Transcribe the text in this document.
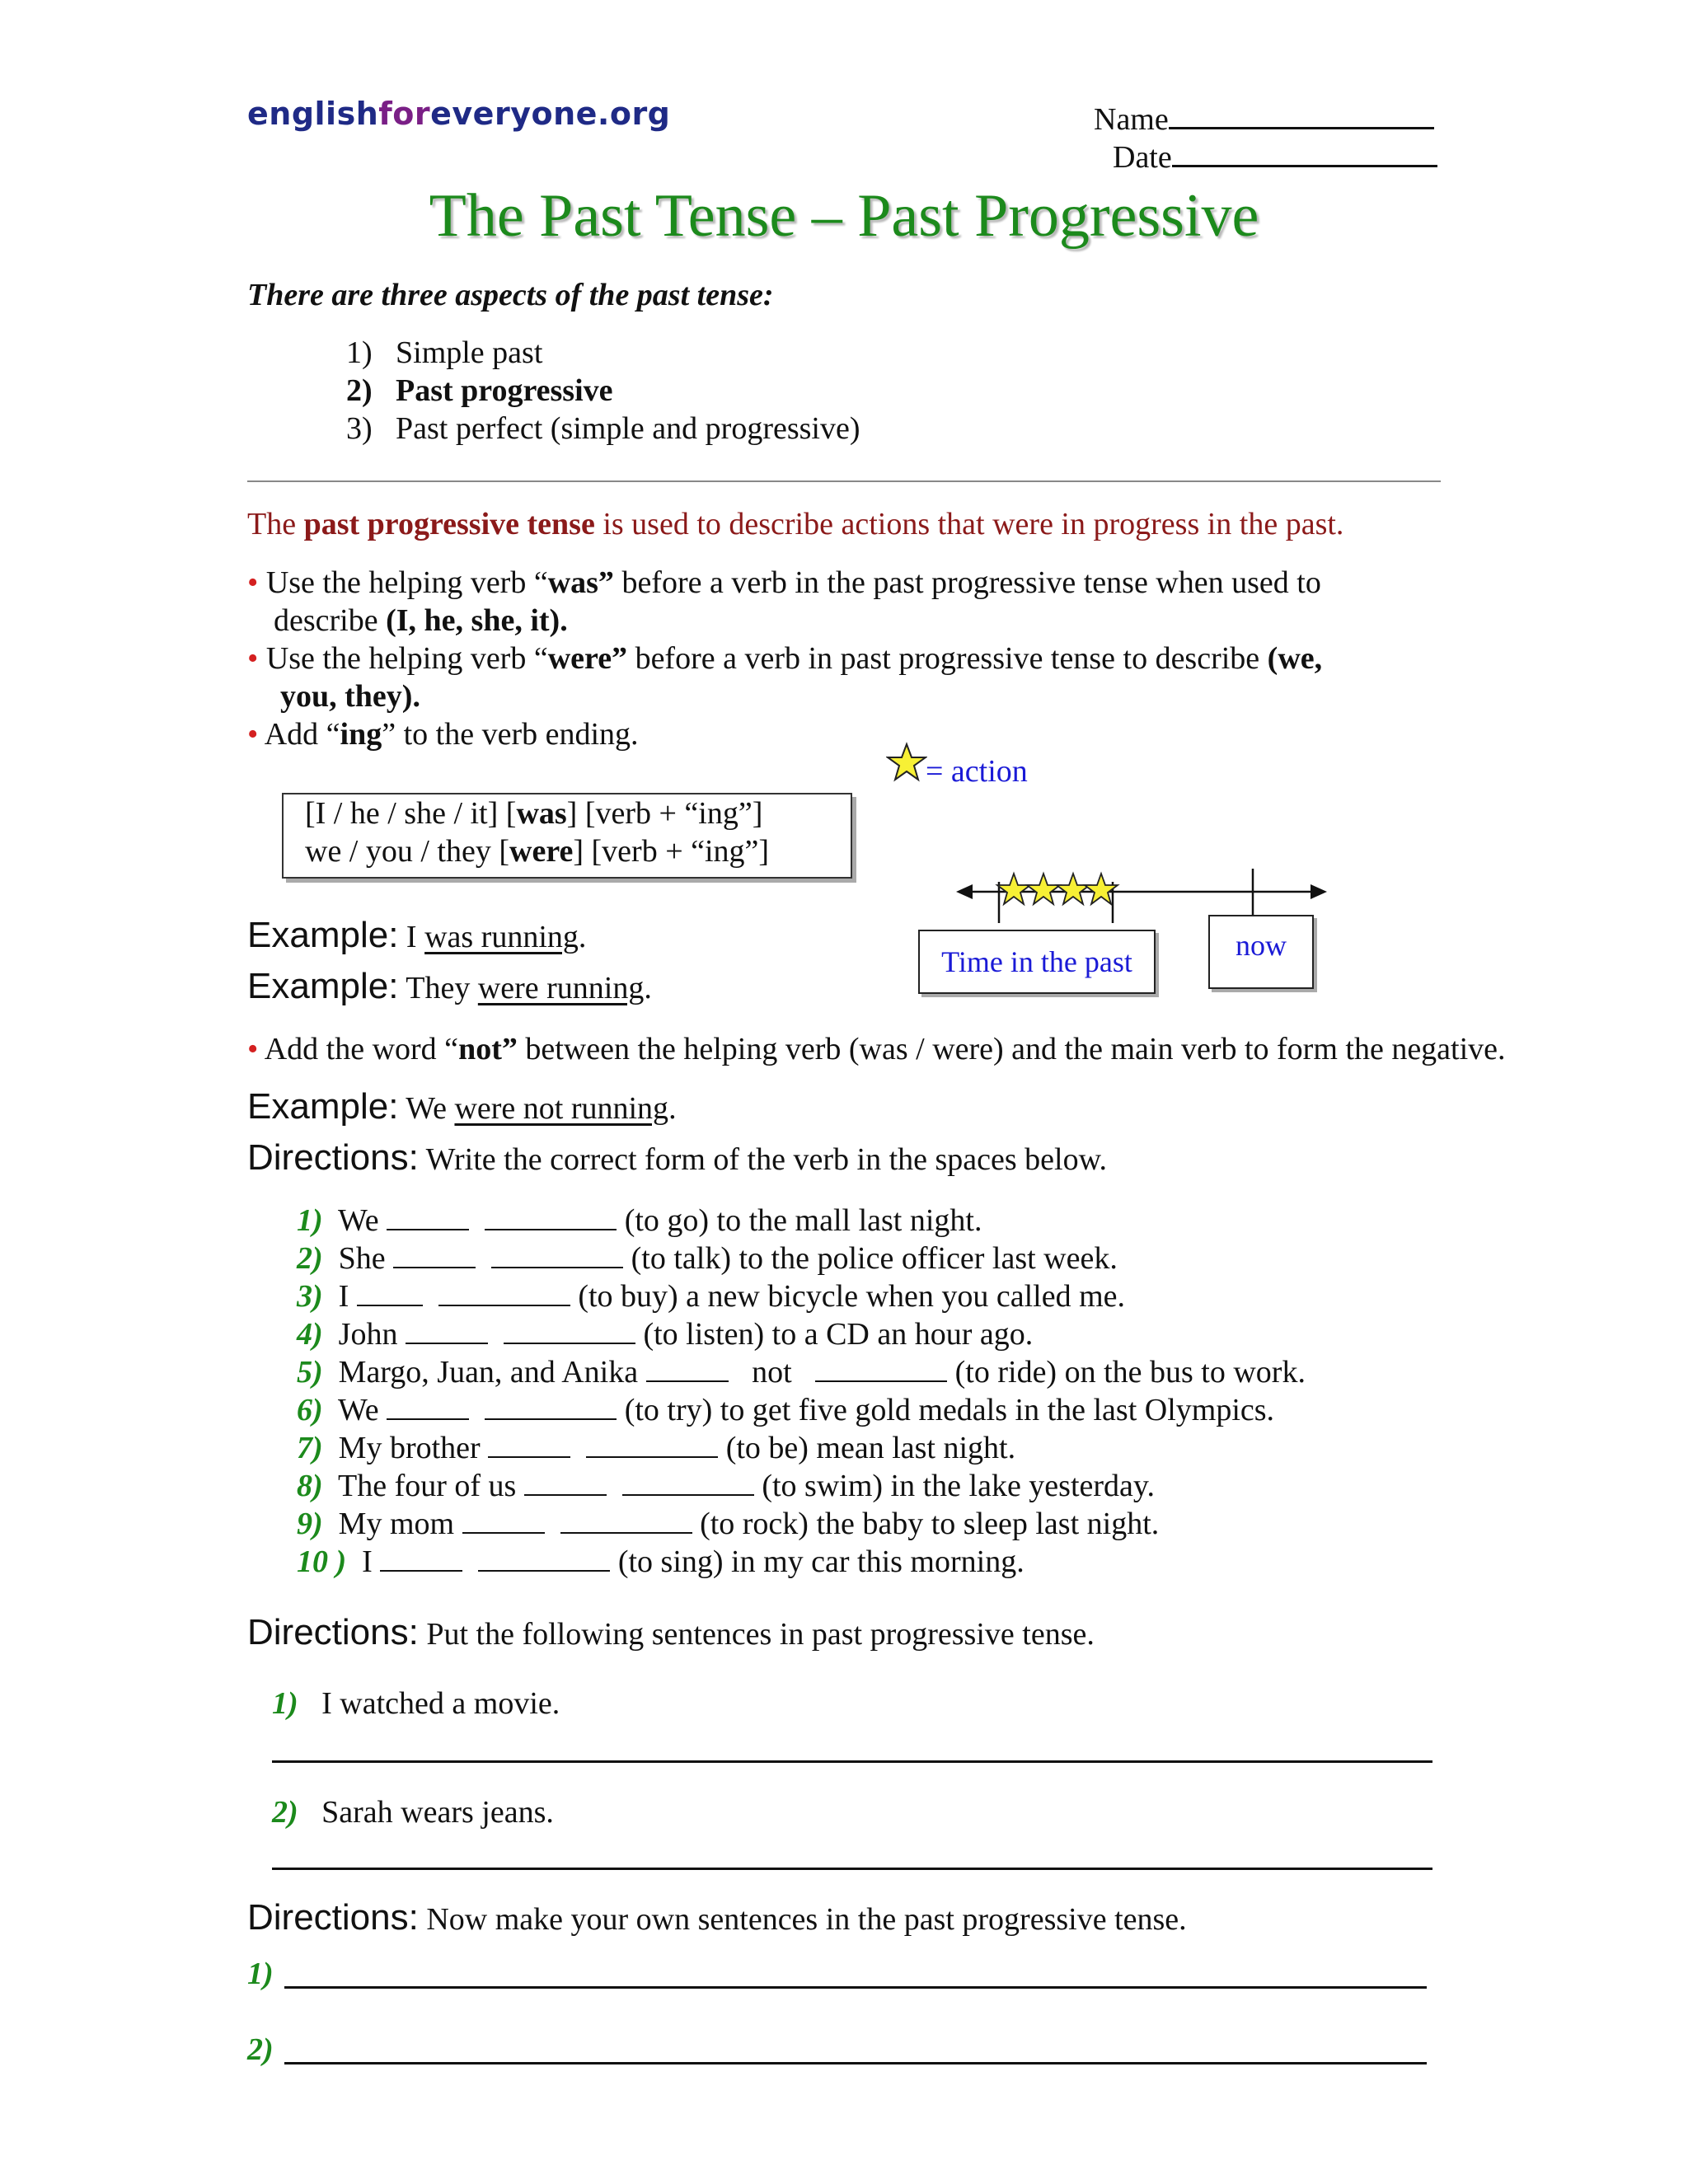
englishforeveryone.org	Name
Date
The Past Tense – Past Progressive
There are three aspects of the past tense:
1) Simple past
2) Past progressive
3) Past perfect (simple and progressive)
The past progressive tense is used to describe actions that were in progress in the past.
• Use the helping verb “was” before a verb in the past progressive tense when used to
describe (I, he, she, it).
• Use the helping verb “were” before a verb in past progressive tense to describe (we,
you, they).
• Add “ing” to the verb ending.
[I / he / she / it] [was] [verb + “ing”]
we / you / they [were] [verb + “ing”]
= action
Time in the past	now
Example: I was running.
Example: They were running.
• Add the word “not” between the helping verb (was / were) and the main verb to form the negative.
Example: We were not running.
Directions: Write the correct form of the verb in the spaces below.
1) We	(to go) to the mall last night.
2) She	(to talk) to the police officer last week.
3) I	(to buy) a new bicycle when you called me.
4) John	(to listen) to a CD an hour ago.
5) Margo, Juan, and Anika	not	(to ride) on the bus to work.
6) We	(to try) to get five gold medals in the last Olympics.
7) My brother	(to be) mean last night.
8) The four of us	(to swim) in the lake yesterday.
9) My mom	(to rock) the baby to sleep last night.
10 ) I	(to sing) in my car this morning.
Directions: Put the following sentences in past progressive tense.
1) I watched a movie.
2) Sarah wears jeans.
Directions: Now make your own sentences in the past progressive tense.
1)
2)
